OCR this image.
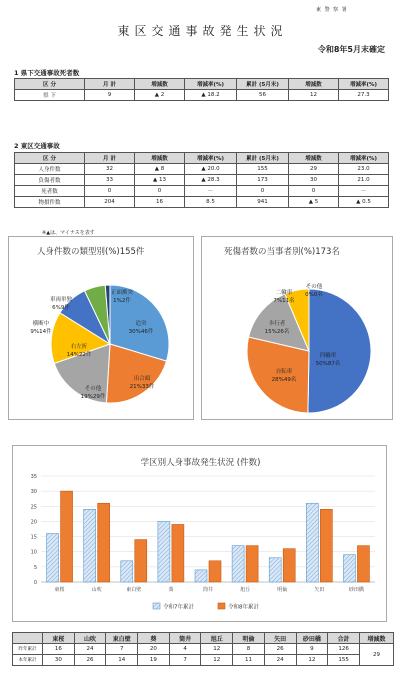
東 警 察 署
東区交通事故発生状況
令和8年5月末確定
1 県下交通事故死者数
区 分	月 計	増減数	増減率(%)	累計 (5月末)	増減数	増減率(%)
県 下	9	▲ 2	▲ 18.2	56	12	27.3
2 東区交通事故
区 分	月 計	増減数	増減率(%)	累計 (5月末)	増減数	増減率(%)
人身件数	32	▲ 8	▲ 20.0	155	29	23.0
負傷者数	33	▲ 13	▲ 28.3	173	30	21.0
死者数	0	0	－	0	0	－
物損件数	204	16	8.5	941	▲ 5	▲ 0.5
※▲は、マイナスを表す
人身件数の類型別(%)155件
追突
30%46件
出合頭
21%33件
その他
19%29件
右左折
14%22件
横断中
9%14件
車両単独
6%9件
正面衝突
1%2件
死傷者数の当事者別(%)173名
四輪車
50%87名
自転車
28%49名
歩行者
15%26名
二輪車
7%11名
その他
0%0名
学区別人身事故発生状況 (件数)
0
5
10
15
20
25
30
35
東桜	山吹	東白壁	葵	筒井	旭丘	明倫	矢田	砂田橋
令和7年累計	令和8年累計
	東桜	山吹	東白壁	葵	筒井	旭丘	明倫	矢田	砂田橋	合計	増減数
昨年累計	16	24	7	20	4	12	8	26	9	126	29
本年累計	30	26	14	19	7	12	11	24	12	155	
